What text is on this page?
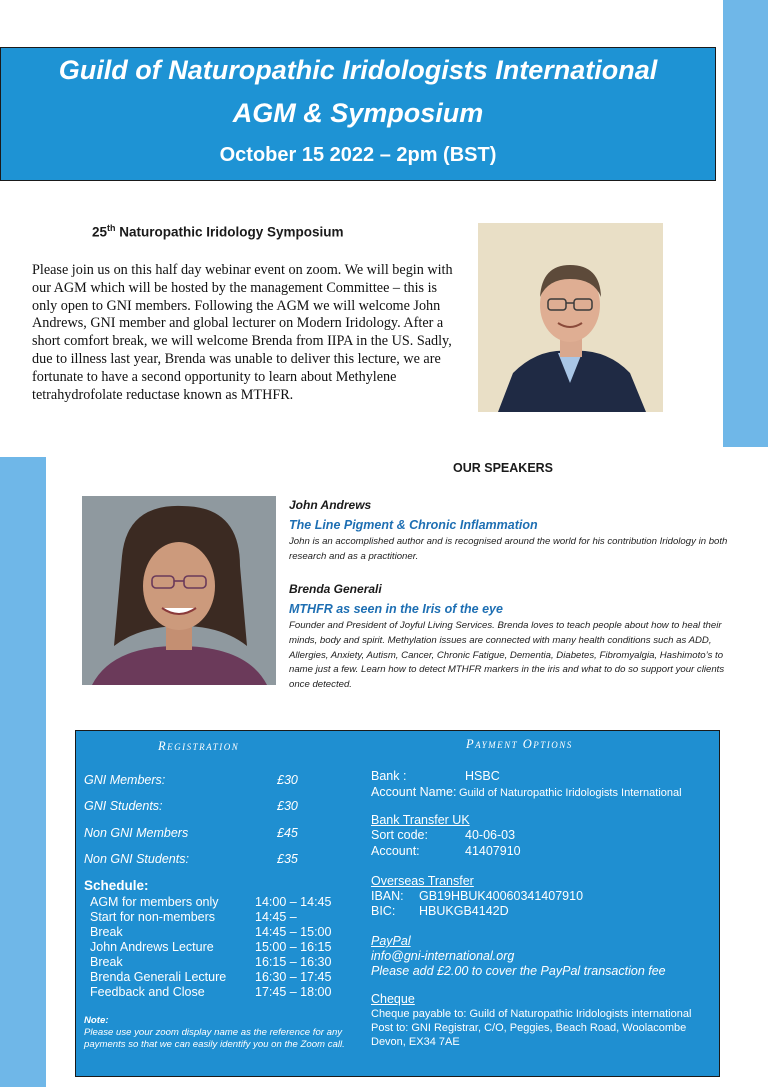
Guild of Naturopathic Iridologists International
AGM & Symposium
October 15 2022 – 2pm (BST)
25th Naturopathic Iridology Symposium
Please join us on this half day webinar event on zoom. We will begin with our AGM which will be hosted by the management Committee – this is only open to GNI members. Following the AGM we will welcome John Andrews, GNI member and global lecturer on Modern Iridology. After a short comfort break, we will welcome Brenda from IIPA in the US. Sadly, due to illness last year, Brenda was unable to deliver this lecture, we are fortunate to have a second opportunity to learn about Methylene tetrahydrofolate reductase known as MTHFR.
OUR SPEAKERS
John Andrews
The Line Pigment & Chronic Inflammation
John is an accomplished author and is recognised around the world for his contribution Iridology in both research and as a practitioner.
Brenda Generali
MTHFR as seen in the Iris of the eye
Founder and President of Joyful Living Services. Brenda loves to teach people about how to heal their minds, body and spirit. Methylation issues are connected with many health conditions such as ADD, Allergies, Anxiety, Autism, Cancer, Chronic Fatigue, Dementia, Diabetes, Fibromyalgia, Hashimoto’s to name just a few. Learn how to detect MTHFR markers in the iris and what to do so support your clients once detected.
Registration	Payment Options
GNI Members:	£30
GNI Students:	£30
Non GNI Members	£45
Non GNI Students:	£35
Schedule:
AGM for members only	14:00 – 14:45
Start for non-members	14:45 –
Break	14:45 – 15:00
John Andrews Lecture	15:00 – 16:15
Break	16:15 – 16:30
Brenda Generali Lecture 16:30 – 17:45
Feedback and Close	17:45 – 18:00
Note:
Please use your zoom display name as the reference for any payments so that we can easily identify you on the Zoom call.
Bank :	HSBC
Account Name: Guild of Naturopathic Iridologists International
Bank Transfer UK
Sort code:	40-06-03
Account:	41407910
Overseas Transfer
IBAN: GB19HBUK40060341407910
BIC: HBUKGB4142D
PayPal
info@gni-international.org
Please add £2.00 to cover the PayPal transaction fee
Cheque
Cheque payable to: Guild of Naturopathic Iridologists international
Post to: GNI Registrar, C/O, Peggies, Beach Road, Woolacombe
Devon, EX34 7AE
